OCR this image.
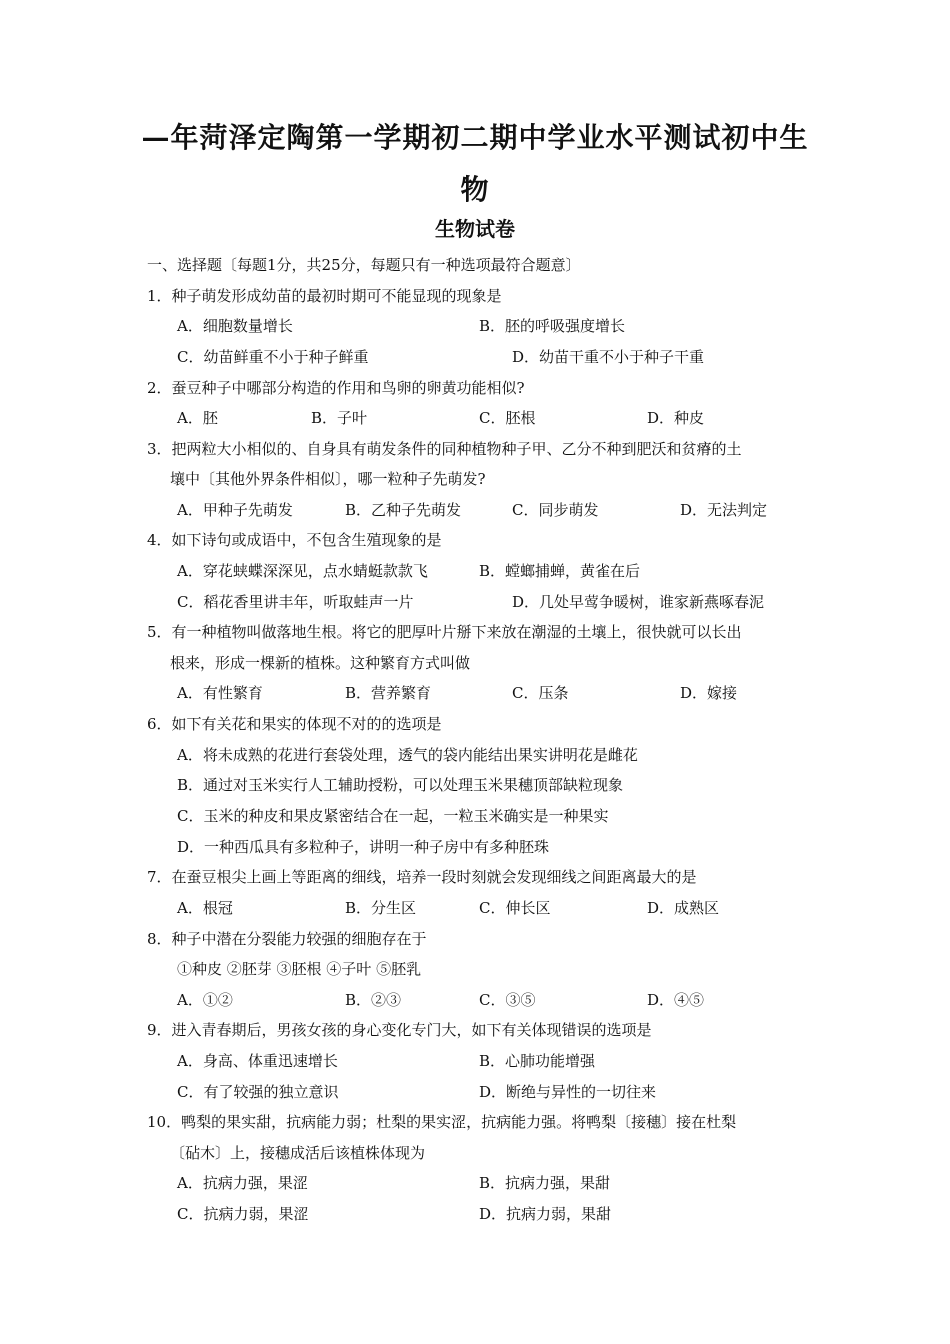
—年菏泽定陶第一学期初二期中学业水平测试初中生
物
生物试卷
一、选择题〔每题1分，共25分，每题只有一种选项最符合题意〕
1．种子萌发形成幼苗的最初时期可不能显现的现象是
A．细胞数量增长	B．胚的呼吸强度增长
C．幼苗鲜重不小于种子鲜重	D．幼苗干重不小于种子干重
2．蚕豆种子中哪部分构造的作用和鸟卵的卵黄功能相似?
A．胚	B．子叶	C．胚根	D．种皮
3．把两粒大小相似的、自身具有萌发条件的同种植物种子甲、乙分不种到肥沃和贫瘠的土
壤中〔其他外界条件相似〕，哪一粒种子先萌发?
A．甲种子先萌发	B．乙种子先萌发	C．同步萌发	D．无法判定
4．如下诗句或成语中，不包含生殖现象的是
A．穿花蛱蝶深深见，点水蜻蜓款款飞	B．螳螂捕蝉，黄雀在后
C．稻花香里讲丰年，听取蛙声一片	D．几处早莺争暖树，谁家新燕啄春泥
5．有一种植物叫做落地生根。将它的肥厚叶片掰下来放在潮湿的土壤上，很快就可以长出
根来，形成一棵新的植株。这种繁育方式叫做
A．有性繁育	B．营养繁育	C．压条	D．嫁接
6．如下有关花和果实的体现不对的的选项是
A．将未成熟的花进行套袋处理，透气的袋内能结出果实讲明花是雌花
B．通过对玉米实行人工辅助授粉，可以处理玉米果穗顶部缺粒现象
C．玉米的种皮和果皮紧密结合在一起，一粒玉米确实是一种果实
D．一种西瓜具有多粒种子，讲明一种子房中有多种胚珠
7．在蚕豆根尖上画上等距离的细线，培养一段时刻就会发现细线之间距离最大的是
A．根冠	B．分生区	C．伸长区	D．成熟区
8．种子中潜在分裂能力较强的细胞存在于
①种皮 ②胚芽 ③胚根 ④子叶 ⑤胚乳
A．①②	B．②③	C．③⑤	D．④⑤
9．进入青春期后，男孩女孩的身心变化专门大，如下有关体现错误的选项是
A．身高、体重迅速增长	B．心肺功能增强
C．有了较强的独立意识	D．断绝与异性的一切往来
10．鸭梨的果实甜，抗病能力弱；杜梨的果实涩，抗病能力强。将鸭梨〔接穗〕接在杜梨
〔砧木〕上，接穗成活后该植株体现为
A．抗病力强，果涩	B．抗病力强，果甜
C．抗病力弱，果涩	D．抗病力弱，果甜
